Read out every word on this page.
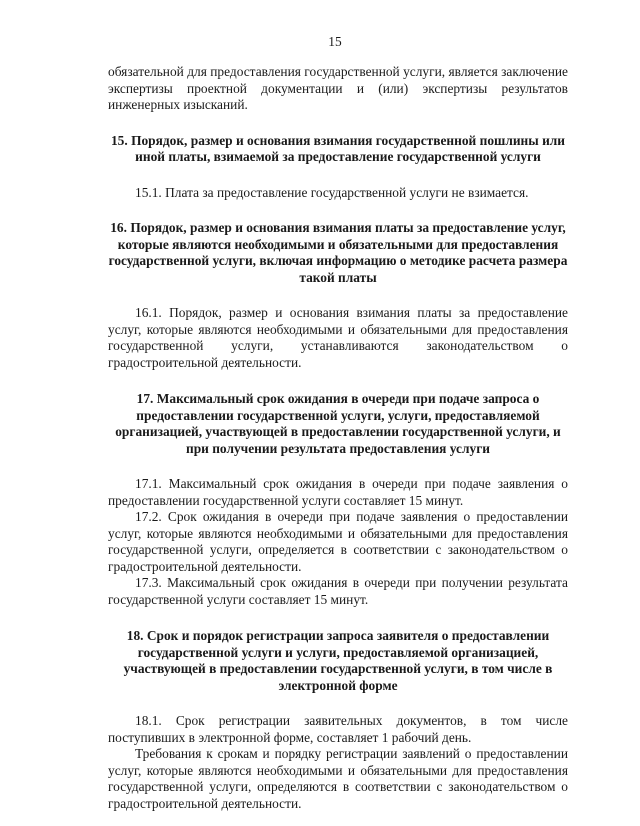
15

обязательной для предоставления государственной услуги, является заключение экспертизы проектной документации и (или) экспертизы результатов инженерных изысканий.

15. Порядок, размер и основания взимания государственной пошлины или иной платы, взимаемой за предоставление государственной услуги

15.1. Плата за предоставление государственной услуги не взимается.

16. Порядок, размер и основания взимания платы за предоставление услуг, которые являются необходимыми и обязательными для предоставления государственной услуги, включая информацию о методике расчета размера такой платы

16.1. Порядок, размер и основания взимания платы за предоставление услуг, которые являются необходимыми и обязательными для предоставления государственной услуги, устанавливаются законодательством о градостроительной деятельности.

17. Максимальный срок ожидания в очереди при подаче запроса о предоставлении государственной услуги, услуги, предоставляемой организацией, участвующей в предоставлении государственной услуги, и при получении результата предоставления услуги

17.1. Максимальный срок ожидания в очереди при подаче заявления о предоставлении государственной услуги составляет 15 минут.

17.2. Срок ожидания в очереди при подаче заявления о предоставлении услуг, которые являются необходимыми и обязательными для предоставления государственной услуги, определяется в соответствии с законодательством о градостроительной деятельности.

17.3. Максимальный срок ожидания в очереди при получении результата государственной услуги составляет 15 минут.

18. Срок и порядок регистрации запроса заявителя о предоставлении государственной услуги и услуги, предоставляемой организацией, участвующей в предоставлении государственной услуги, в том числе в электронной форме

18.1. Срок регистрации заявительных документов, в том числе поступивших в электронной форме, составляет 1 рабочий день.

Требования к срокам и порядку регистрации заявлений о предоставлении услуг, которые являются необходимыми и обязательными для предоставления государственной услуги, определяются в соответствии с законодательством о градостроительной деятельности.
